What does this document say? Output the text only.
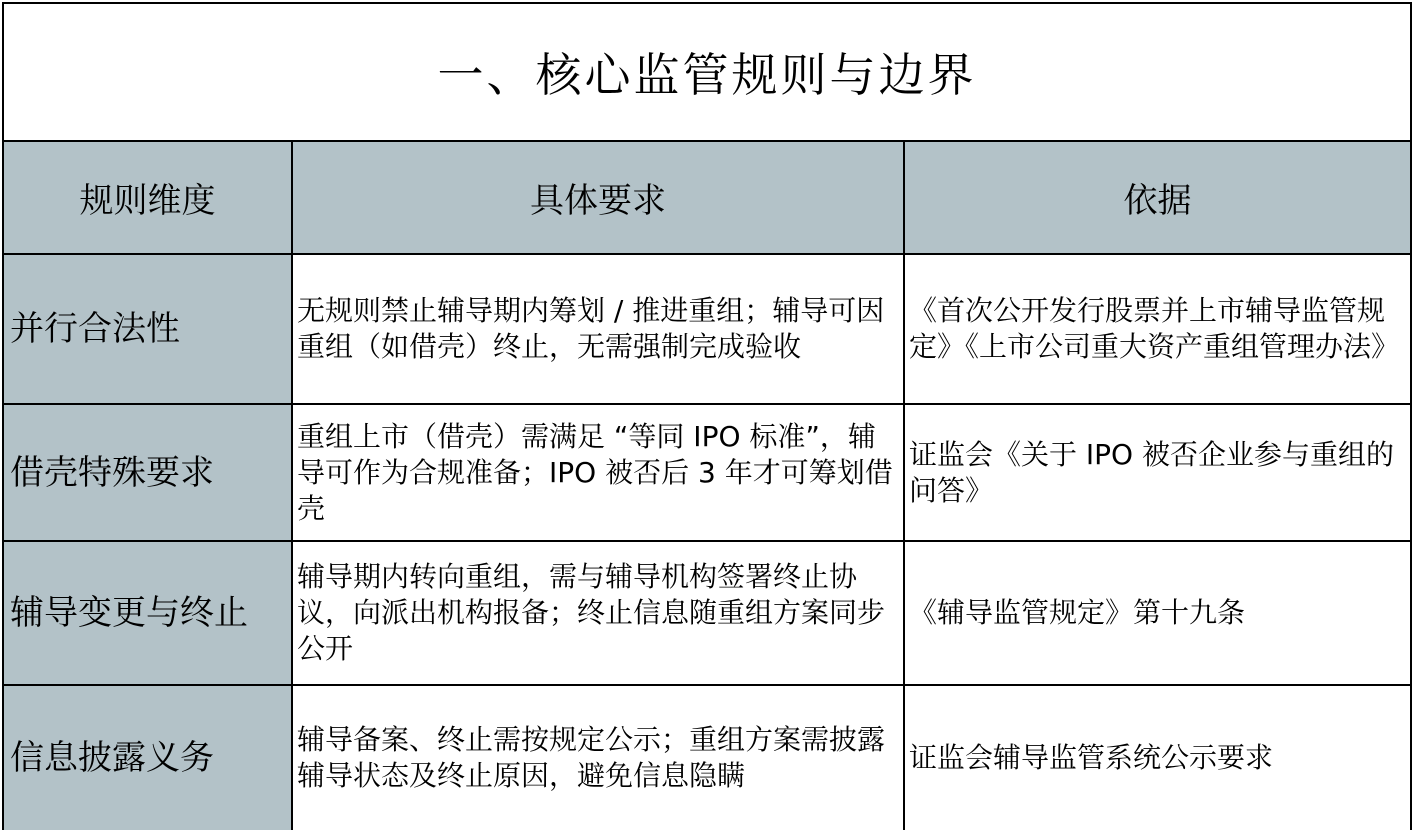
一、核心监管规则与边界
规则维度	具体要求	依据
并行合法性	无规则禁止辅导期内筹划 / 推进重组；辅导可因重组（如借壳）终止，无需强制完成验收	《首次公开发行股票并上市辅导监管规定》《上市公司重大资产重组管理办法》
借壳特殊要求	重组上市（借壳）需满足 “等同 IPO 标准”，辅导可作为合规准备；IPO 被否后 3 年才可筹划借壳	证监会《关于 IPO 被否企业参与重组的问答》
辅导变更与终止	辅导期内转向重组，需与辅导机构签署终止协议，向派出机构报备；终止信息随重组方案同步公开	《辅导监管规定》第十九条
信息披露义务	辅导备案、终止需按规定公示；重组方案需披露辅导状态及终止原因，避免信息隐瞒	证监会辅导监管系统公示要求
